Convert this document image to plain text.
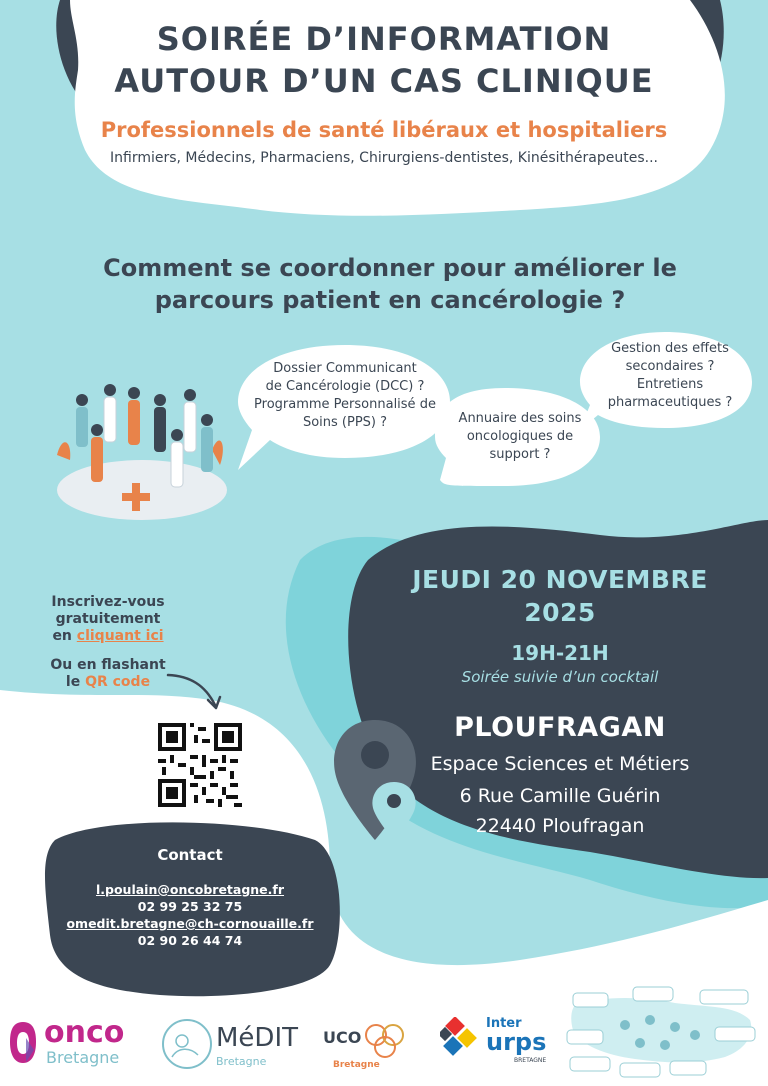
SOIRÉE D’INFORMATION
AUTOUR D’UN CAS CLINIQUE
Professionnels de santé libéraux et hospitaliers
Infirmiers, Médecins, Pharmaciens, Chirurgiens-dentistes, Kinésithérapeutes...
Comment se coordonner pour améliorer le
parcours patient en cancérologie ?
Dossier Communicant
de Cancérologie (DCC) ?
Programme Personnalisé de
Soins (PPS) ?	Annuaire des soins
oncologiques de
support ?
Gestion des effets
secondaires ?
Entretiens
pharmaceutiques ?
JEUDI 20 NOVEMBRE
2025
19H-21H
Soirée suivie d’un cocktail
PLOUFRAGAN
Espace Sciences et Métiers
6 Rue Camille Guérin
22440 Ploufragan
Inscrivez-vous
gratuitement
en cliquant ici
Ou en flashant
le QR code
Contact
l.poulain@oncobretagne.fr
02 99 25 32 75
omedit.bretagne@ch-cornouaille.fr
02 90 26 44 74
onco
Bretagne
MéDIT
Bretagne
UCO
Bretagne
Inter
urps
BRETAGNE
